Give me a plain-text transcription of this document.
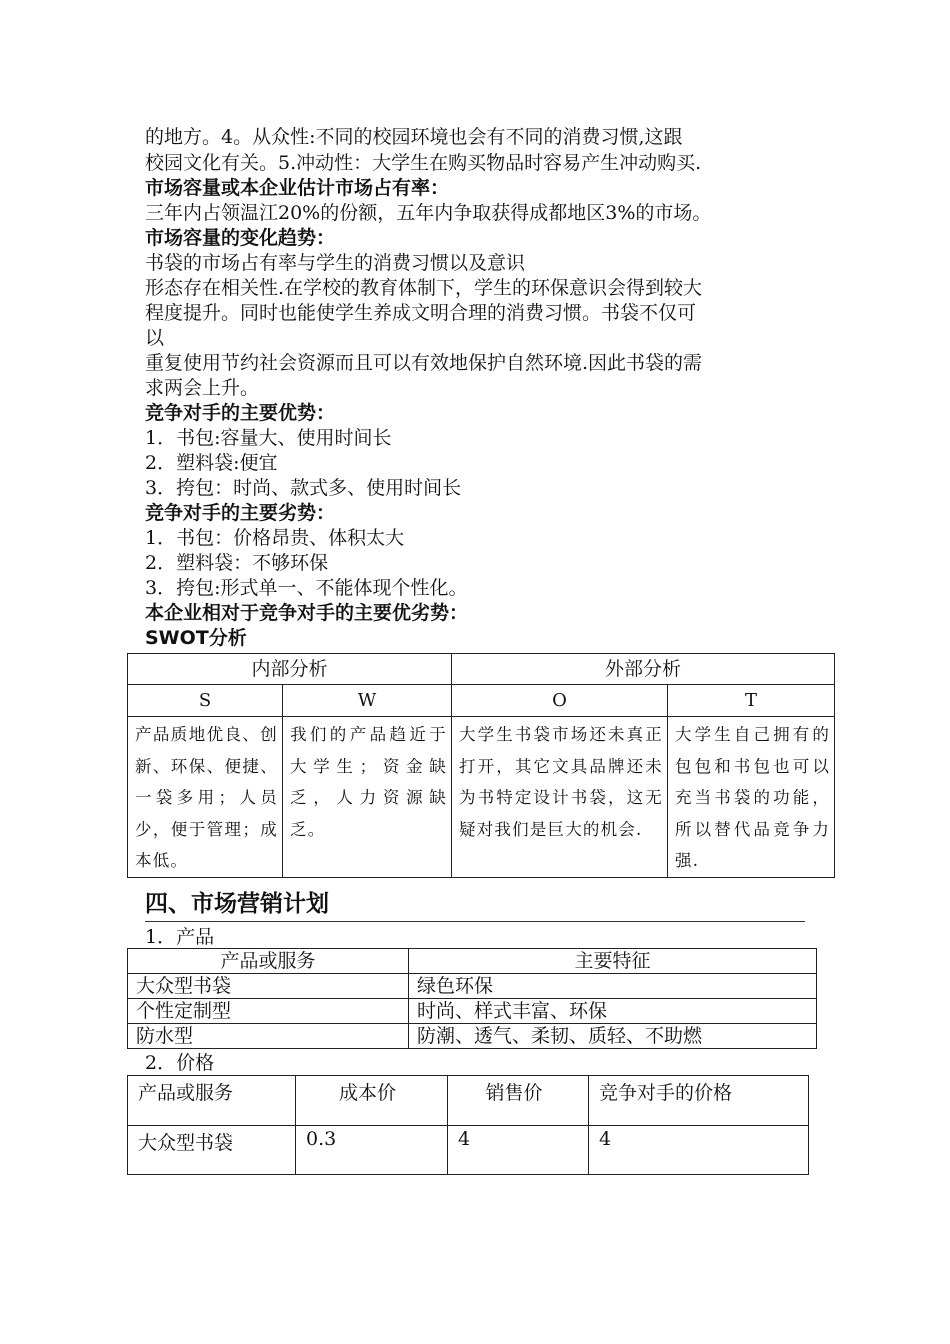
的地方。4。从众性:不同的校园环境也会有不同的消费习惯,这跟
校园文化有关。5.冲动性：大学生在购买物品时容易产生冲动购买.
市场容量或本企业估计市场占有率：
三年内占领温江20%的份额，五年内争取获得成都地区3%的市场。
市场容量的变化趋势：
书袋的市场占有率与学生的消费习惯以及意识
形态存在相关性.在学校的教育体制下，学生的环保意识会得到较大
程度提升。同时也能使学生养成文明合理的消费习惯。书袋不仅可
以
重复使用节约社会资源而且可以有效地保护自然环境.因此书袋的需
求两会上升。
竞争对手的主要优势：
1．书包:容量大、使用时间长
2．塑料袋:便宜
3．挎包：时尚、款式多、使用时间长
竞争对手的主要劣势：
1．书包：价格昂贵、体积太大
2．塑料袋：不够环保
3．挎包:形式单一、不能体现个性化。
本企业相对于竞争对手的主要优劣势：
SWOT分析
内部分析		外部分析	
S	W	O	T
产品质地优良、创新、环保、便捷、一袋多用；人员少，便于管理；成本低。	我们的产品趋近于大学生；资金缺乏，人力资源缺乏。	大学生书袋市场还未真正打开，其它文具品牌还未为书特定设计书袋，这无疑对我们是巨大的机会.	大学生自己拥有的包包和书包也可以充当书袋的功能，所以替代品竞争力强.
四、市场营销计划
1．产品
产品或服务	主要特征
大众型书袋	绿色环保
个性定制型	时尚、样式丰富、环保
防水型	防潮、透气、柔韧、质轻、不助燃
2．价格
产品或服务	成本价	销售价	竞争对手的价格
大众型书袋	0.3	4	4
